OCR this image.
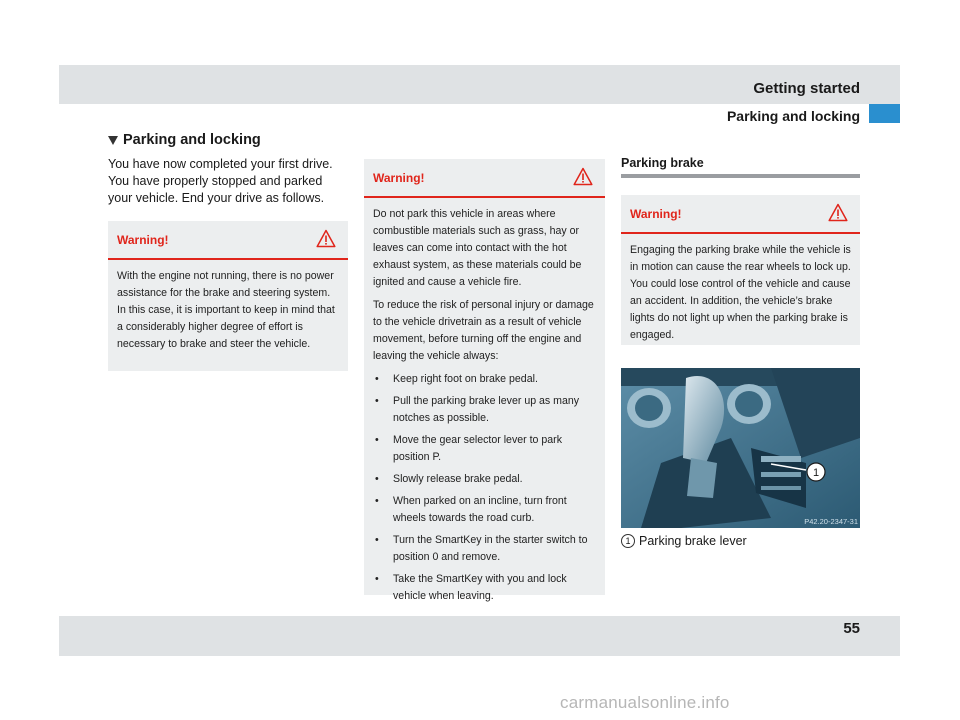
Getting started
Parking and locking
Parking and locking
You have now completed your first drive. You have properly stopped and parked your vehicle. End your drive as follows.
Warning!
With the engine not running, there is no power assistance for the brake and steering system. In this case, it is important to keep in mind that a considerably higher degree of effort is necessary to brake and steer the vehicle.
Warning!

Do not park this vehicle in areas where combustible materials such as grass, hay or leaves can come into contact with the hot exhaust system, as these materials could be ignited and cause a vehicle fire.

To reduce the risk of personal injury or damage to the vehicle drivetrain as a result of vehicle movement, before turning off the engine and leaving the vehicle always:

• Keep right foot on brake pedal.
• Pull the parking brake lever up as many notches as possible.
• Move the gear selector lever to park position P.
• Slowly release brake pedal.
• When parked on an incline, turn front wheels towards the road curb.
• Turn the SmartKey in the starter switch to position 0 and remove.
• Take the SmartKey with you and lock vehicle when leaving.
Parking brake
Warning!
Engaging the parking brake while the vehicle is in motion can cause the rear wheels to lock up. You could lose control of the vehicle and cause an accident. In addition, the vehicle’s brake lights do not light up when the parking brake is engaged.
1
P42.20-2347-31
1 Parking brake lever
55
carmanualsonline.info
